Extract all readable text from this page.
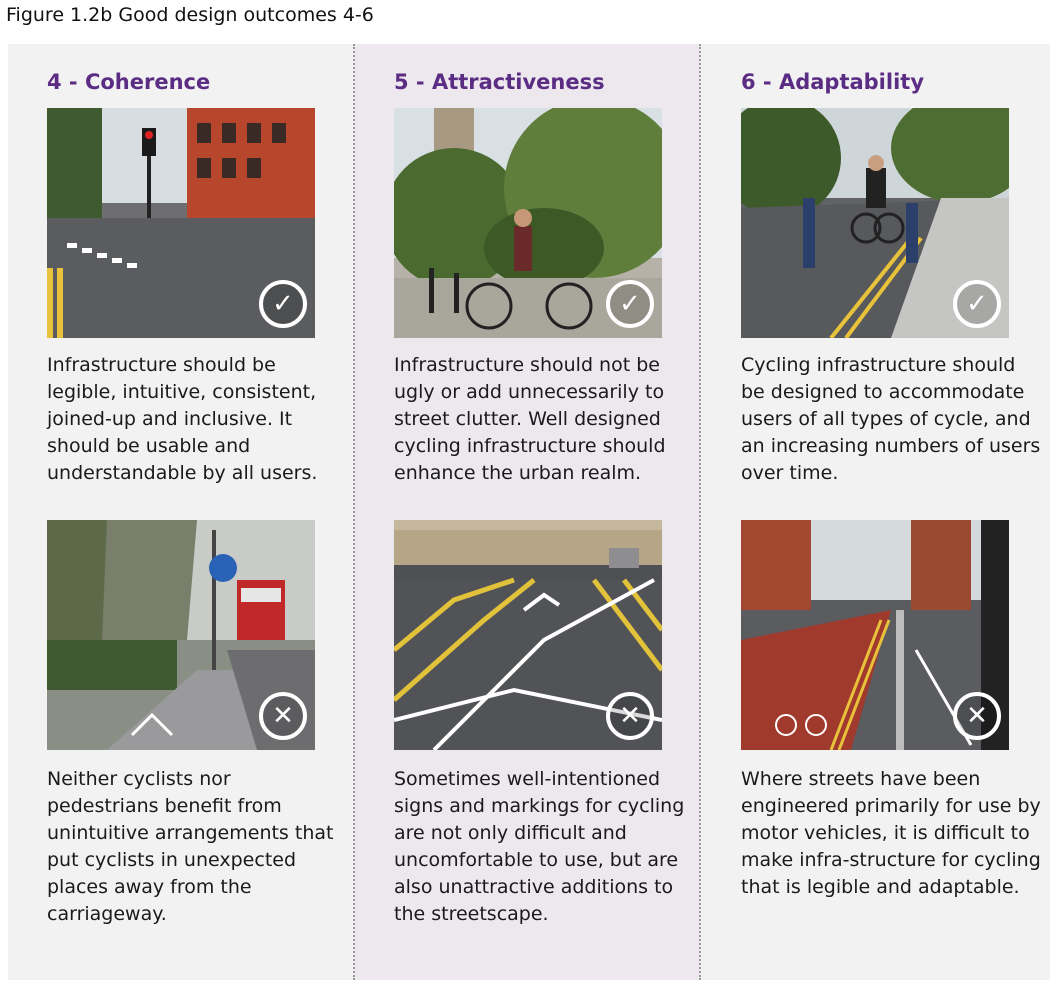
Figure 1.2b Good design outcomes 4-6
4 - Coherence
✓
Infrastructure should be legible, intuitive, consistent, joined-up and inclusive. It should be usable and understandable by all users.
✕
Neither cyclists nor pedestrians benefit from unintuitive arrangements that put cyclists in unexpected places away from the carriageway.
5 - Attractiveness
✓
Infrastructure should not be ugly or add unnecessarily to street clutter. Well designed cycling infrastructure should enhance the urban realm.
✕
Sometimes well-intentioned signs and markings for cycling are not only difficult and uncomfortable to use, but are also unattractive additions to the streetscape.
6 - Adaptability
✓
Cycling infrastructure should be designed to accommodate users of all types of cycle, and an increasing numbers of users over time.
✕
Where streets have been engineered primarily for use by motor vehicles, it is difficult to make infra-structure for cycling that is legible and adaptable.
